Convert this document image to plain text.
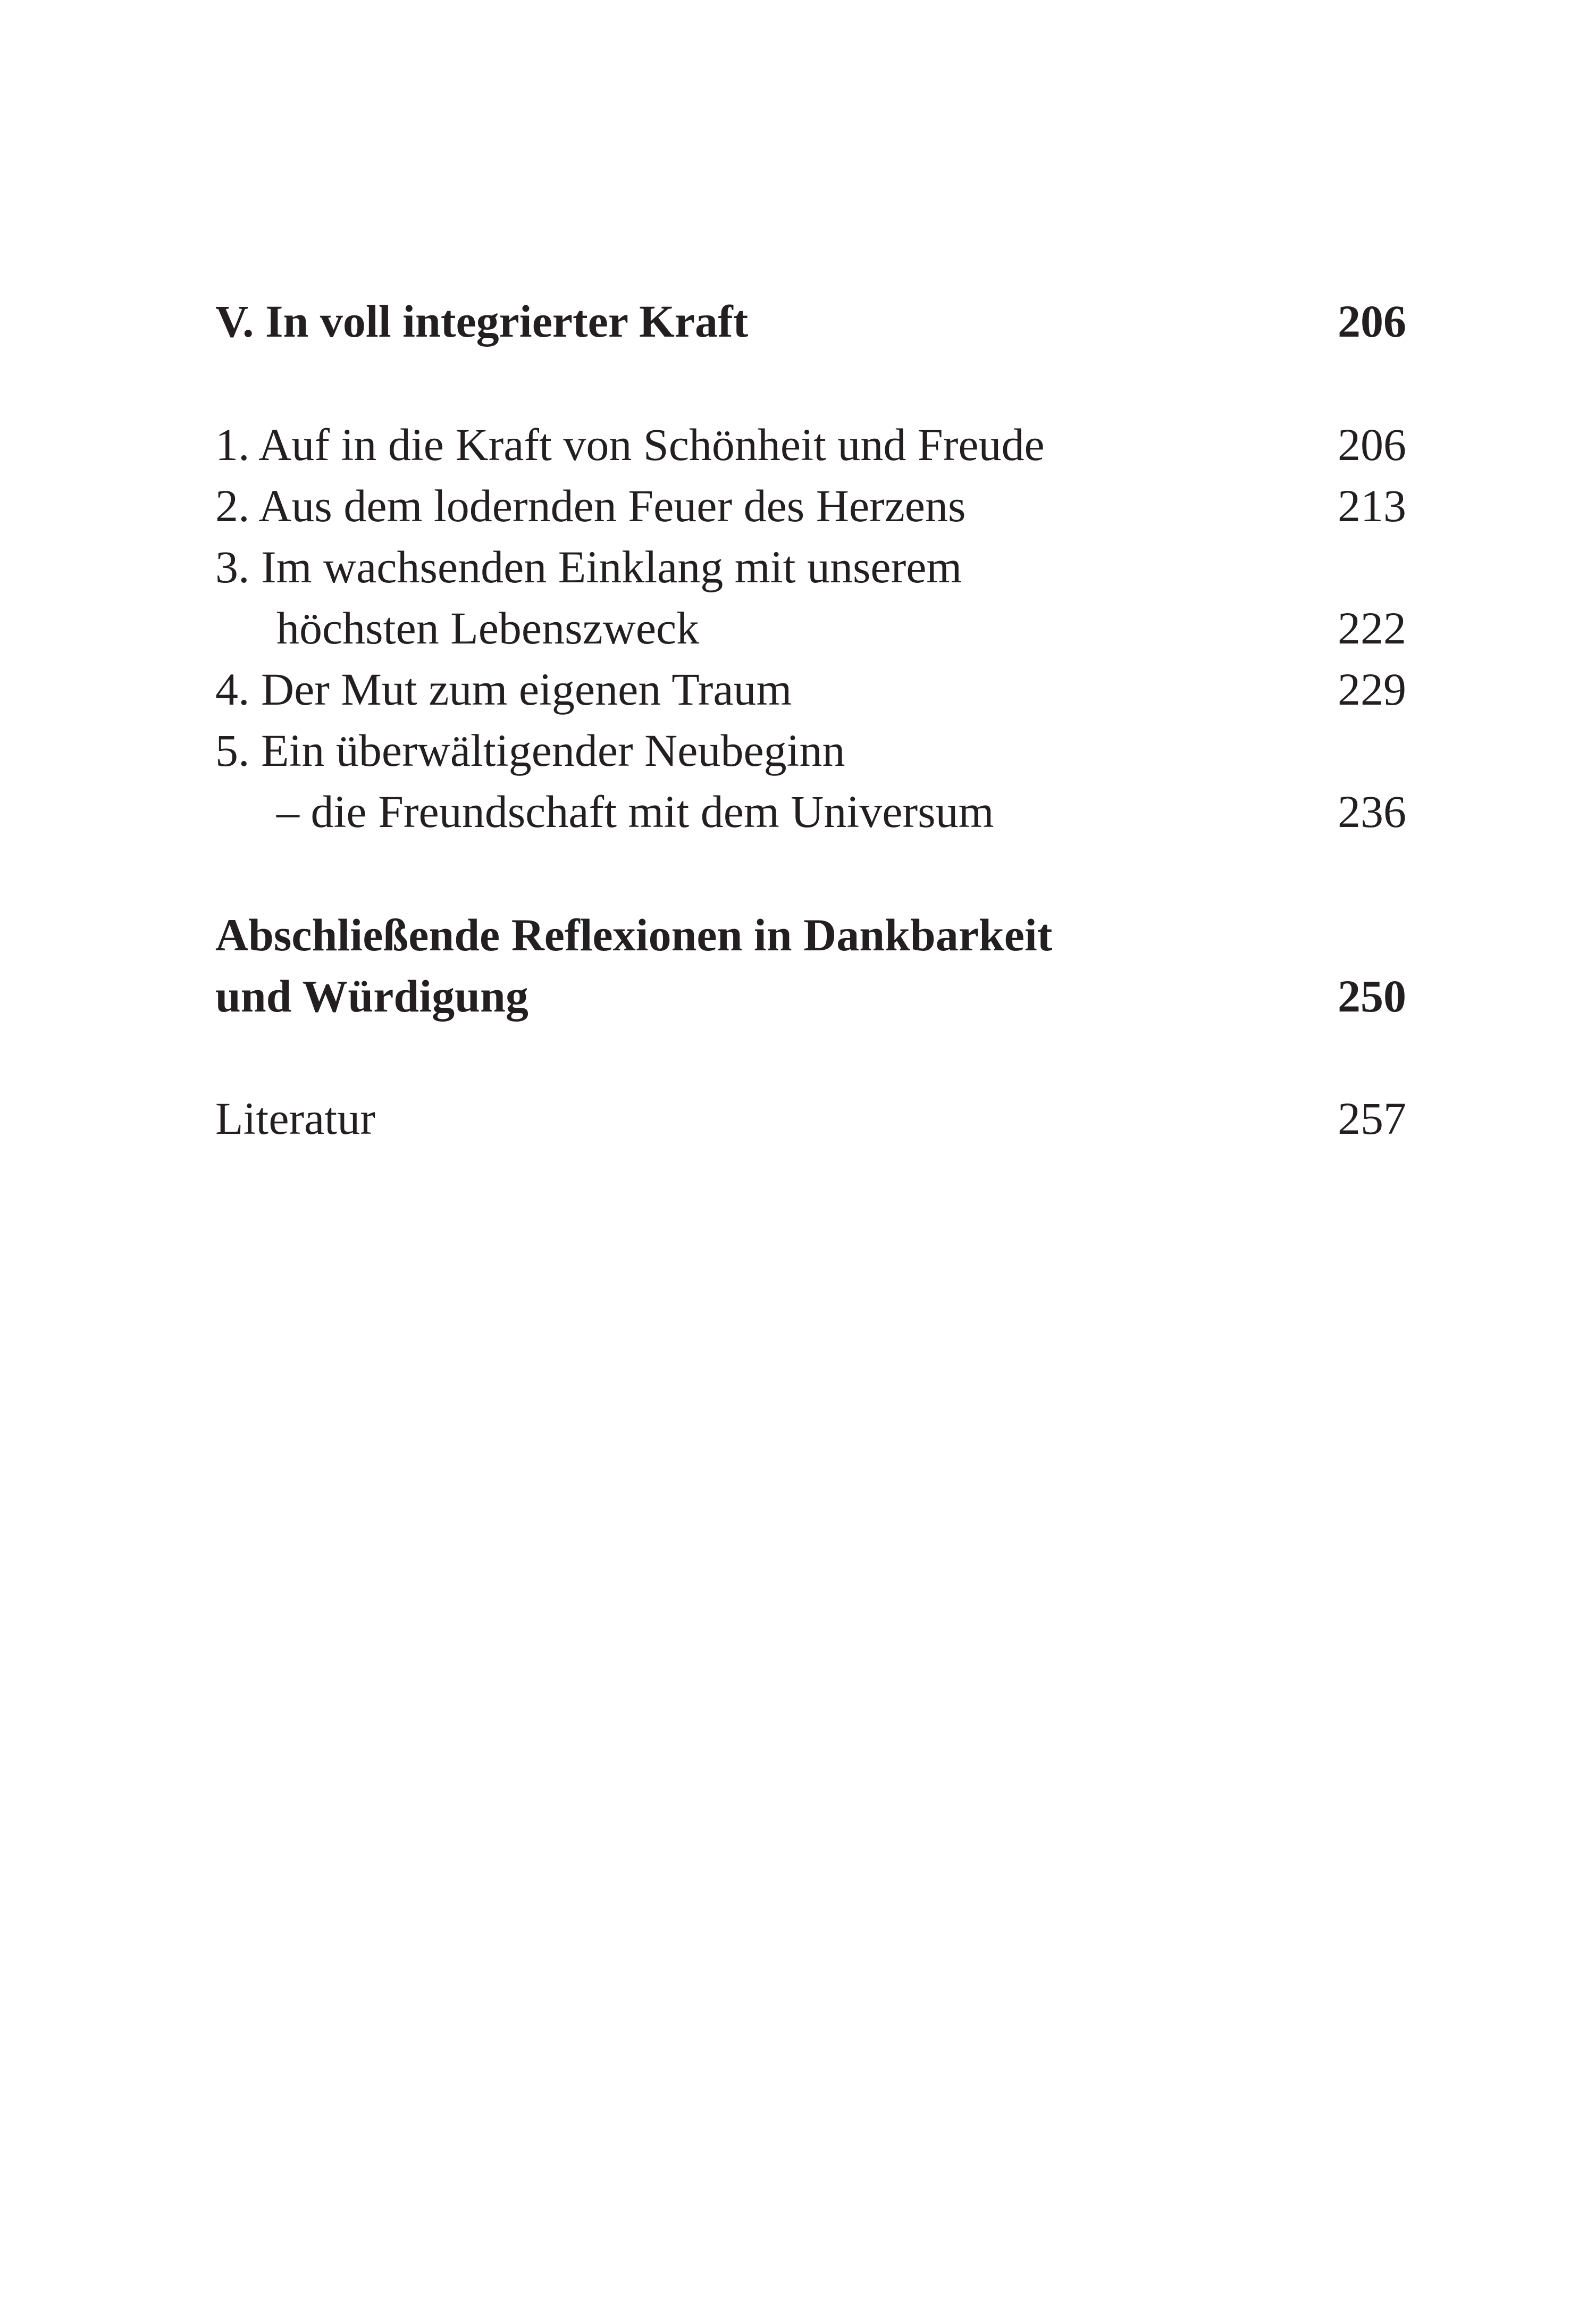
V. In voll integrierter Kraft	206
1. Auf in die Kraft von Schönheit und Freude	206
2. Aus dem lodernden Feuer des Herzens	213
3. Im wachsenden Einklang mit unserem
höchsten Lebenszweck	222
4. Der Mut zum eigenen Traum	229
5. Ein überwältigender Neubeginn
– die Freundschaft mit dem Universum	236
Abschließende Reflexionen in Dankbarkeit
und Würdigung	250
Literatur	257
